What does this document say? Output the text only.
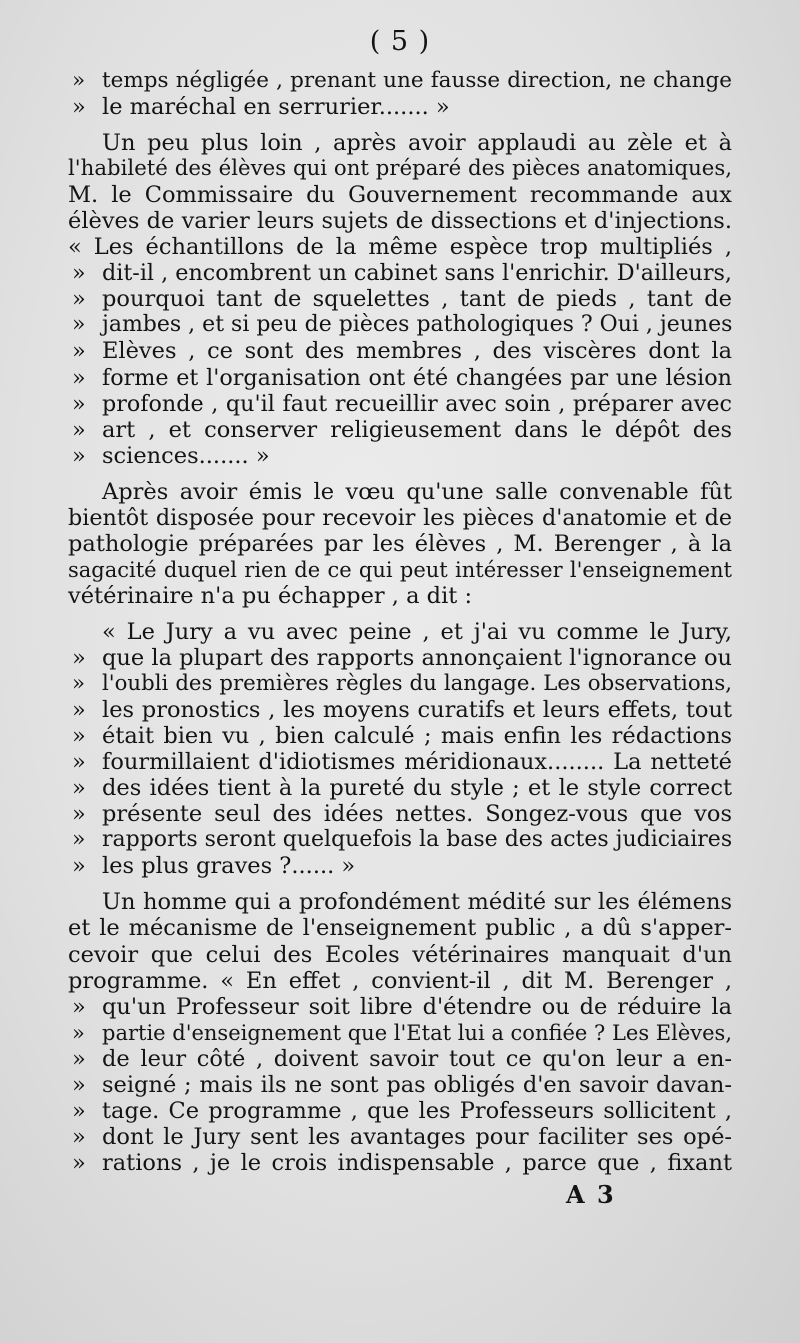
( 5 )
» temps négligée , prenant une fausse direction, ne change
» le maréchal en serrurier....... »
Un peu plus loin , après avoir applaudi au zèle et à
l'habileté des élèves qui ont préparé des pièces anatomiques,
M. le Commissaire du Gouvernement recommande aux
élèves de varier leurs sujets de dissections et d'injections.
« Les échantillons de la même espèce trop multipliés ,
» dit-il , encombrent un cabinet sans l'enrichir. D'ailleurs,
» pourquoi tant de squelettes , tant de pieds , tant de
» jambes , et si peu de pièces pathologiques ? Oui , jeunes
» Elèves , ce sont des membres , des viscères dont la
» forme et l'organisation ont été changées par une lésion
» profonde , qu'il faut recueillir avec soin , préparer avec
» art , et conserver religieusement dans le dépôt des
» sciences....... »
Après avoir émis le vœu qu'une salle convenable fût
bientôt disposée pour recevoir les pièces d'anatomie et de
pathologie préparées par les élèves , M. Berenger , à la
sagacité duquel rien de ce qui peut intéresser l'enseignement
vétérinaire n'a pu échapper , a dit :
« Le Jury a vu avec peine , et j'ai vu comme le Jury,
» que la plupart des rapports annonçaient l'ignorance ou
» l'oubli des premières règles du langage. Les observations,
» les pronostics , les moyens curatifs et leurs effets, tout
» était bien vu , bien calculé ; mais enfin les rédactions
» fourmillaient d'idiotismes méridionaux........ La netteté
» des idées tient à la pureté du style ; et le style correct
» présente seul des idées nettes. Songez-vous que vos
» rapports seront quelquefois la base des actes judiciaires
» les plus graves ?...... »
Un homme qui a profondément médité sur les élémens
et le mécanisme de l'enseignement public , a dû s'apper-
cevoir que celui des Ecoles vétérinaires manquait d'un
programme. « En effet , convient-il , dit M. Berenger ,
» qu'un Professeur soit libre d'étendre ou de réduire la
» partie d'enseignement que l'Etat lui a confiée ? Les Elèves,
» de leur côté , doivent savoir tout ce qu'on leur a en-
» seigné ; mais ils ne sont pas obligés d'en savoir davan-
» tage. Ce programme , que les Professeurs sollicitent ,
» dont le Jury sent les avantages pour faciliter ses opé-
» rations , je le crois indispensable , parce que , fixant
A 3
